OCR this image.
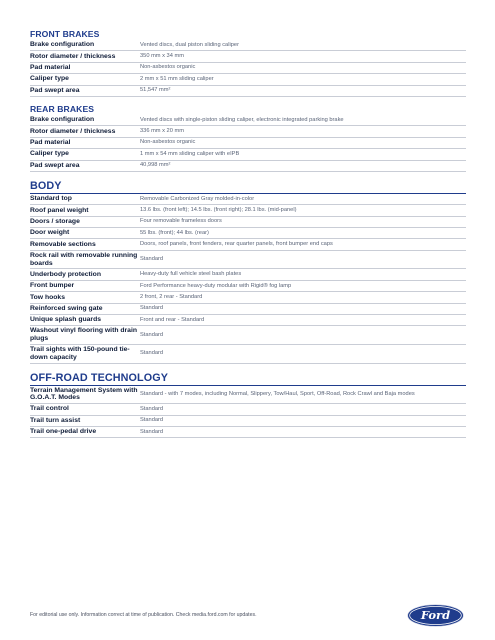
FRONT BRAKES
Brake configuration	Vented discs, dual piston sliding caliper
Rotor diameter / thickness	350 mm x 34 mm
Pad material	Non-asbestos organic
Caliper type	2 mm x 51 mm sliding caliper
Pad swept area	51,547 mm²
REAR BRAKES
Brake configuration	Vented discs with single-piston sliding caliper, electronic integrated parking brake
Rotor diameter / thickness	336 mm x 20 mm
Pad material	Non-asbestos organic
Caliper type	1 mm x 54 mm sliding caliper with eIPB
Pad swept area	40,998 mm²
BODY
Standard top	Removable Carbonized Gray molded-in-color
Roof panel weight	13.6 lbs. (front left); 14.5 lbs. (front right); 28.1 lbs. (mid-panel)
Doors / storage	Four removable frameless doors
Door weight	55 lbs. (front); 44 lbs. (rear)
Removable sections	Doors, roof panels, front fenders, rear quarter panels, front bumper end caps
Rock rail with removable running boards	Standard
Underbody protection	Heavy-duty full vehicle steel bash plates
Front bumper	Ford Performance heavy-duty modular with Rigid® fog lamp
Tow hooks	2 front, 2 rear - Standard
Reinforced swing gate	Standard
Unique splash guards	Front and rear - Standard
Washout vinyl flooring with drain plugs	Standard
Trail sights with 150-pound tie-down capacity	Standard
OFF-ROAD TECHNOLOGY
Terrain Management System with G.O.A.T. Modes	Standard - with 7 modes, including Normal, Slippery, Tow/Haul, Sport, Off-Road, Rock Crawl and Baja modes
Trail control	Standard
Trail turn assist	Standard
Trail one-pedal drive	Standard
For editorial use only. Information correct at time of publication. Check media.ford.com for updates.	Ford
